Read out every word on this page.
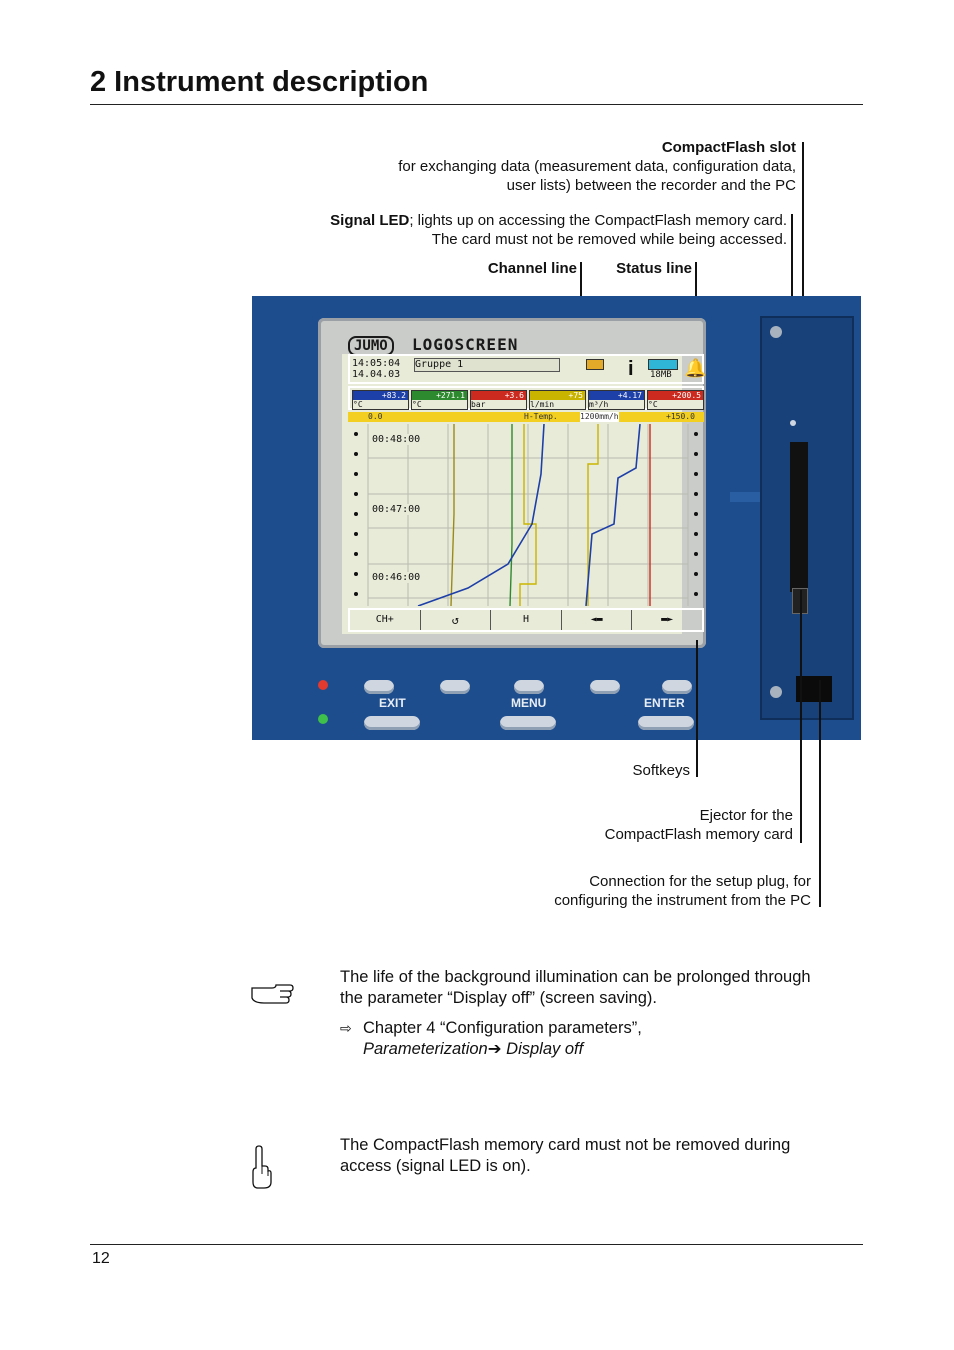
2 Instrument description
CompactFlash slot
for exchanging data (measurement data, configuration data,
user lists) between the recorder and the PC
Signal LED; lights up on accessing the CompactFlash memory card.
The card must not be removed while being accessed.
Channel line	Status line
JUMO	LOGOSCREEN
14:05:04
14.04.03
Gruppe 1	i 18MB 🔔
+83.2
°C
+271.1
°C
+3.6
bar
+75
l/min
+4.17
m³/h
+200.5
°C
0.0	H-Temp.	1200mm/h	+150.0
00:48:00
00:47:00
00:46:00
CH+	↺	H	◄▬	▬►
EXIT	MENU	ENTER
Softkeys
Ejector for the
CompactFlash memory card
Connection for the setup plug, for
configuring the instrument from the PC
The life of the background illumination can be prolonged through
the parameter “Display off” (screen saving).
⇨ Chapter 4 “Configuration parameters”,
Parameterization➔ Display off
The CompactFlash memory card must not be removed during
access (signal LED is on).
12
